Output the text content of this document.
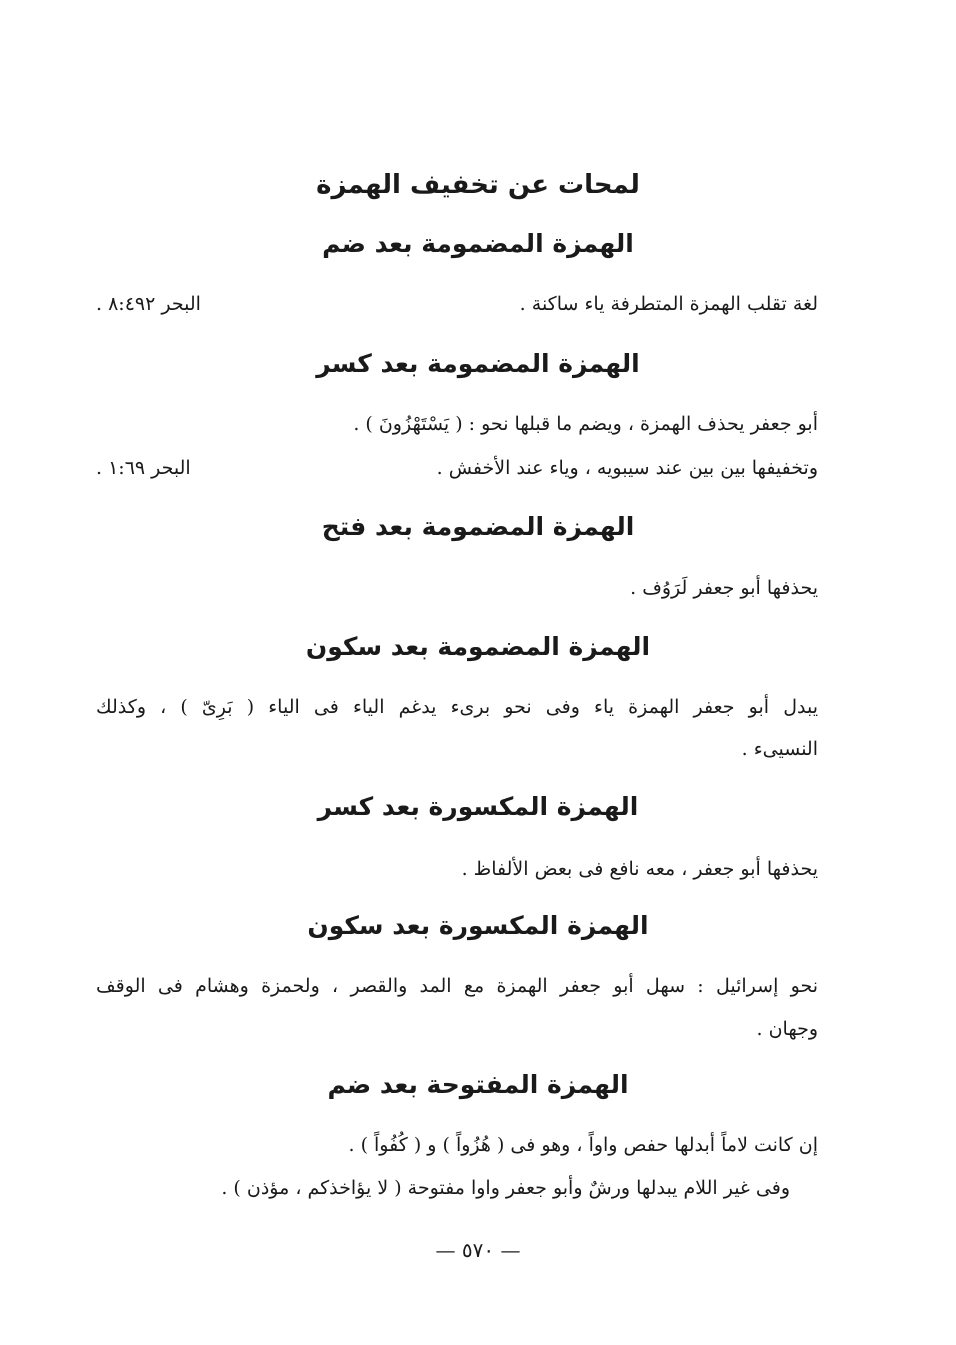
لمحات عن تخفيف الهمزة
الهمزة المضمومة بعد ضم
لغة تقلب الهمزة المتطرفة ياء ساكنة .
البحر ٨:٤٩٢ .
الهمزة المضمومة بعد كسر
أبو جعفر يحذف الهمزة ، ويضم ما قبلها نحو : ( يَسْتَهْزُونَ ) .
وتخفيفها بين بين عند سيبويه ، وياء عند الأخفش .
البحر ١:٦٩ .
الهمزة المضمومة بعد فتح
يحذفها أبو جعفر لَرَوُف .
الهمزة المضمومة بعد سكون
يبدل أبو جعفر الهمزة ياء وفى نحو برىء يدغم الياء فى الياء ( بَرِىّ ) ، وكذلك
النسيىء .
الهمزة المكسورة بعد كسر
يحذفها أبو جعفر ، معه نافع فى بعض الألفاظ .
الهمزة المكسورة بعد سكون
نحو إسرائيل : سهل أبو جعفر الهمزة مع المد والقصر ، ولحمزة وهشام فى الوقف
وجهان .
الهمزة المفتوحة بعد ضم
إن كانت لاماً أبدلها حفص واواً ، وهو فى ( هُزُواً ) و ( كُفُواً ) .
وفى غير اللام يبدلها ورشٌ وأبو جعفر واوا مفتوحة ( لا يؤاخذكم ، مؤذن ) .
— ٥٧٠ —
